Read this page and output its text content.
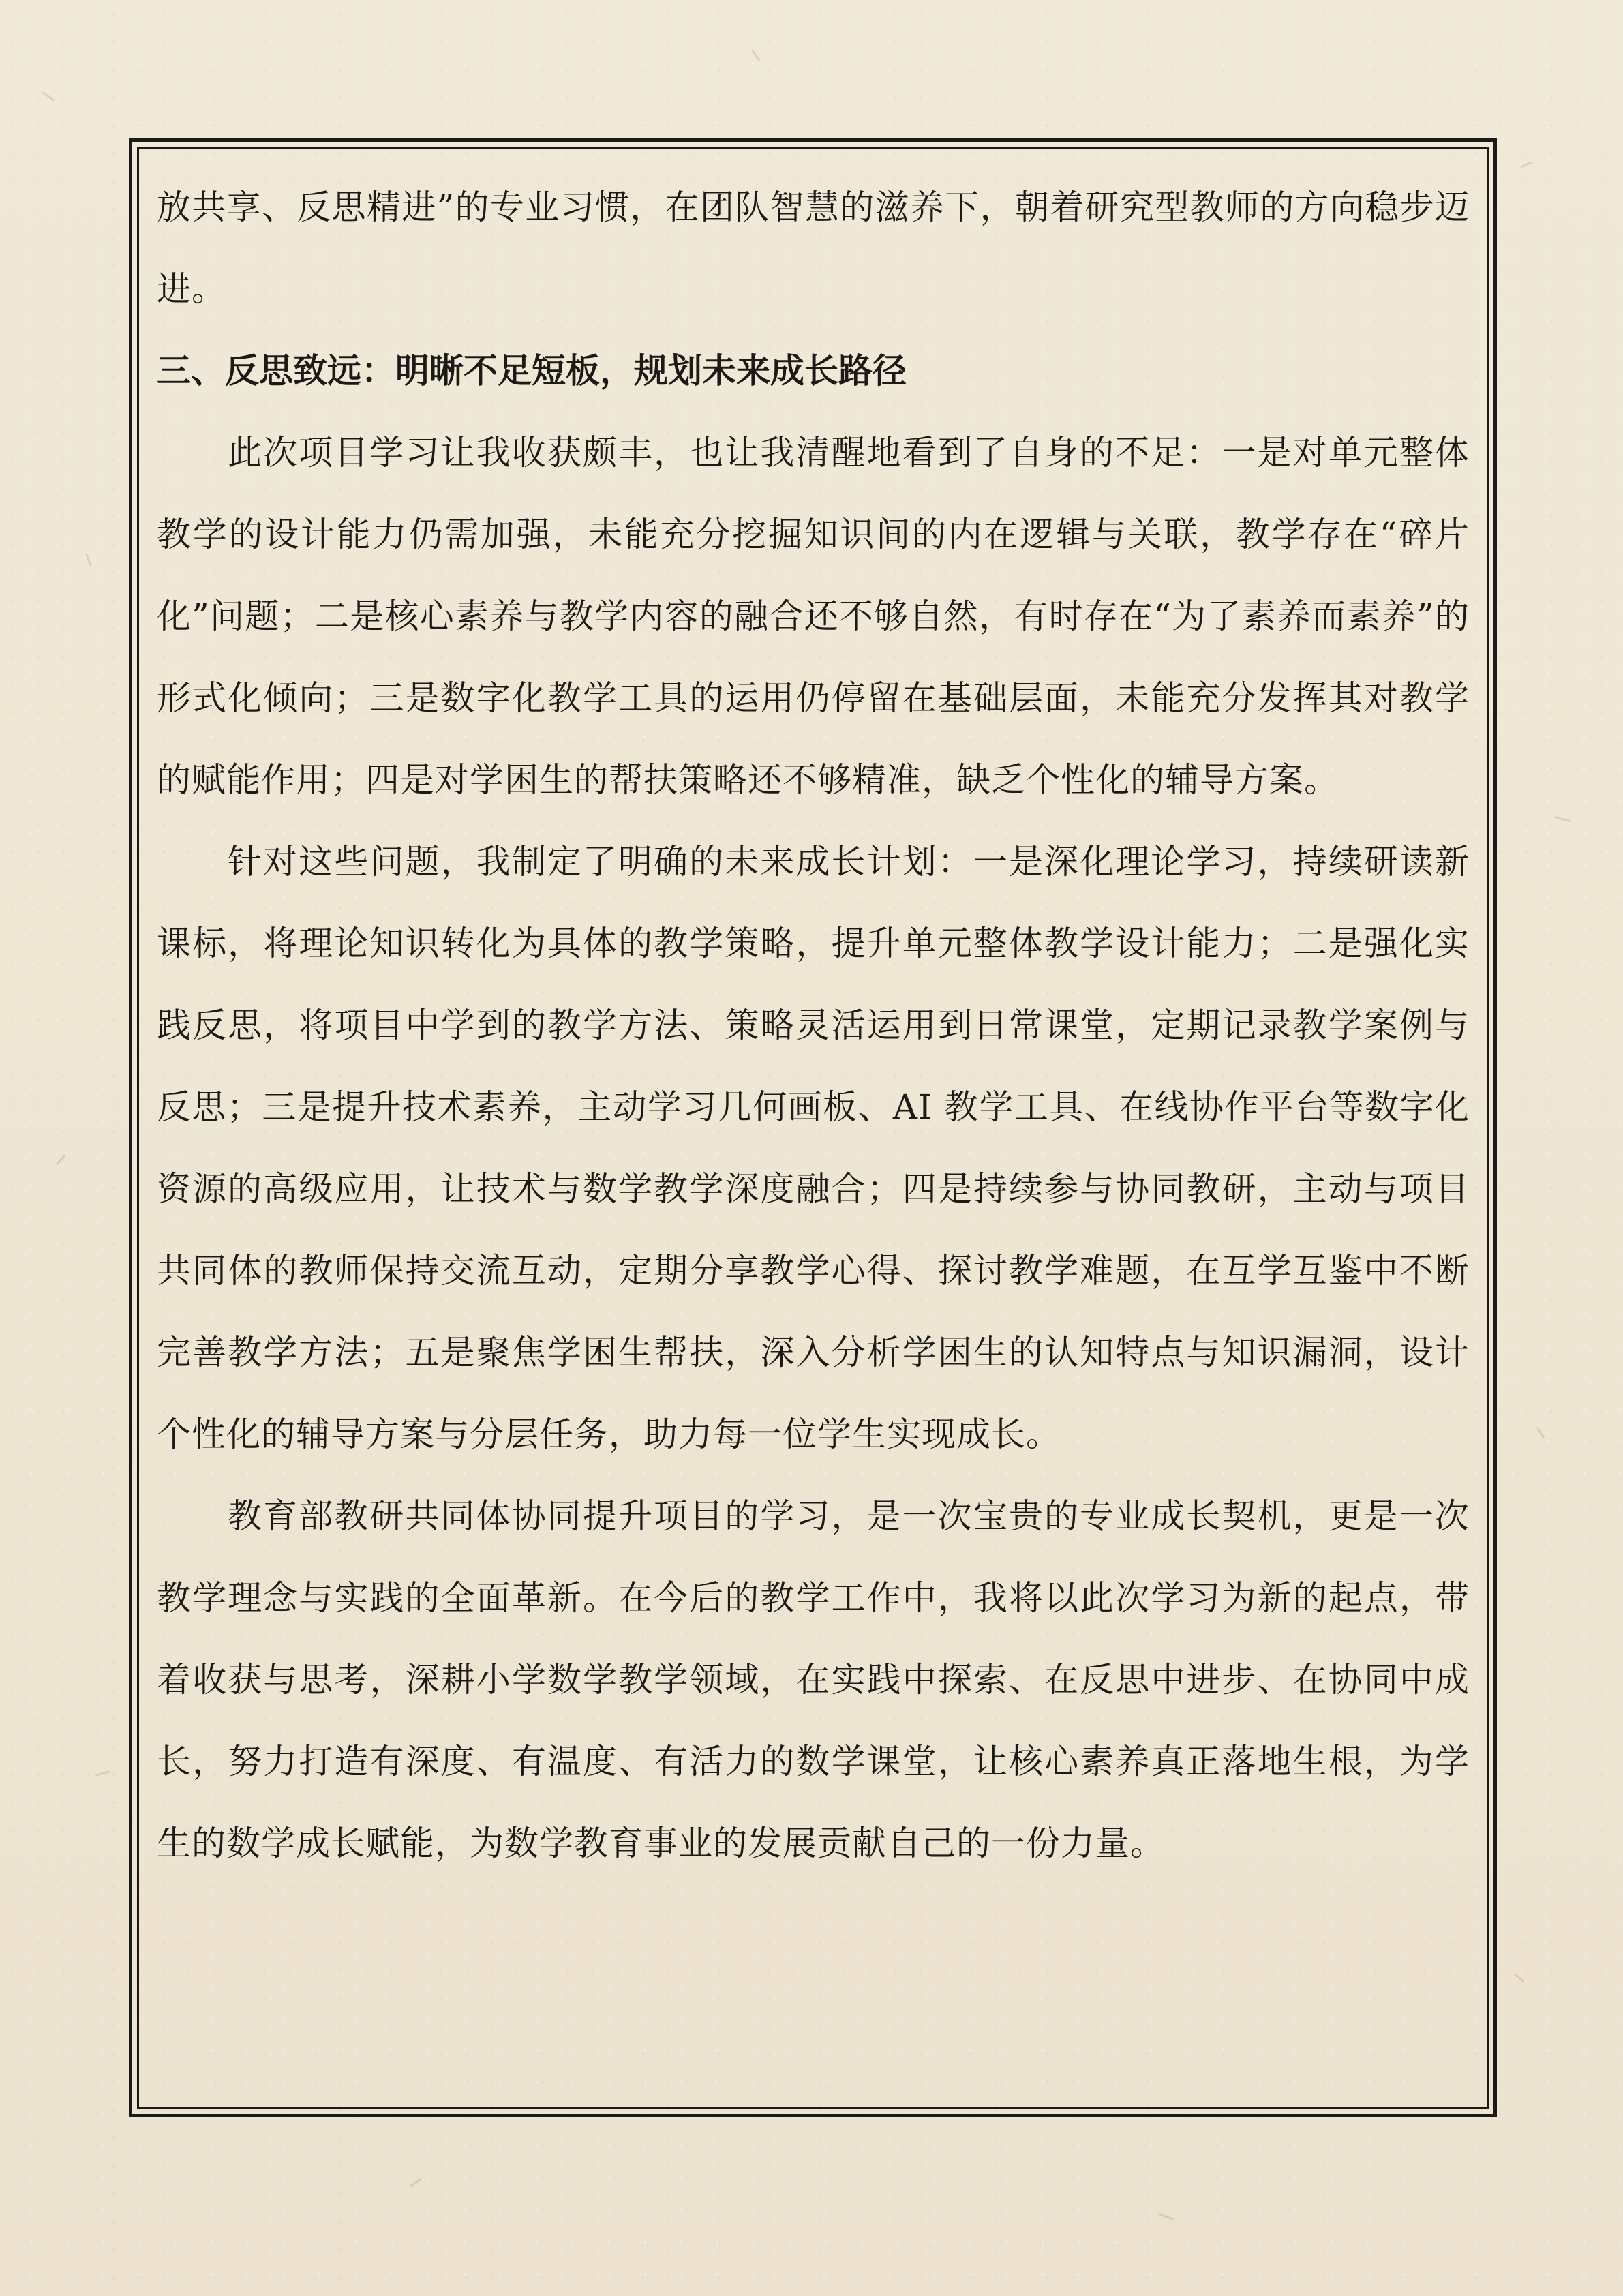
放共享、反思精进”的专业习惯，在团队智慧的滋养下，朝着研究型教师的方向稳步迈进。

三、反思致远：明晰不足短板，规划未来成长路径

此次项目学习让我收获颇丰，也让我清醒地看到了自身的不足：一是对单元整体教学的设计能力仍需加强，未能充分挖掘知识间的内在逻辑与关联，教学存在“碎片化”问题；二是核心素养与教学内容的融合还不够自然，有时存在“为了素养而素养”的形式化倾向；三是数字化教学工具的运用仍停留在基础层面，未能充分发挥其对教学的赋能作用；四是对学困生的帮扶策略还不够精准，缺乏个性化的辅导方案。

针对这些问题，我制定了明确的未来成长计划：一是深化理论学习，持续研读新课标，将理论知识转化为具体的教学策略，提升单元整体教学设计能力；二是强化实践反思，将项目中学到的教学方法、策略灵活运用到日常课堂，定期记录教学案例与反思；三是提升技术素养，主动学习几何画板、AI 教学工具、在线协作平台等数字化资源的高级应用，让技术与数学教学深度融合；四是持续参与协同教研，主动与项目共同体的教师保持交流互动，定期分享教学心得、探讨教学难题，在互学互鉴中不断完善教学方法；五是聚焦学困生帮扶，深入分析学困生的认知特点与知识漏洞，设计个性化的辅导方案与分层任务，助力每一位学生实现成长。

教育部教研共同体协同提升项目的学习，是一次宝贵的专业成长契机，更是一次教学理念与实践的全面革新。在今后的教学工作中，我将以此次学习为新的起点，带着收获与思考，深耕小学数学教学领域，在实践中探索、在反思中进步、在协同中成长，努力打造有深度、有温度、有活力的数学课堂，让核心素养真正落地生根，为学生的数学成长赋能，为数学教育事业的发展贡献自己的一份力量。
